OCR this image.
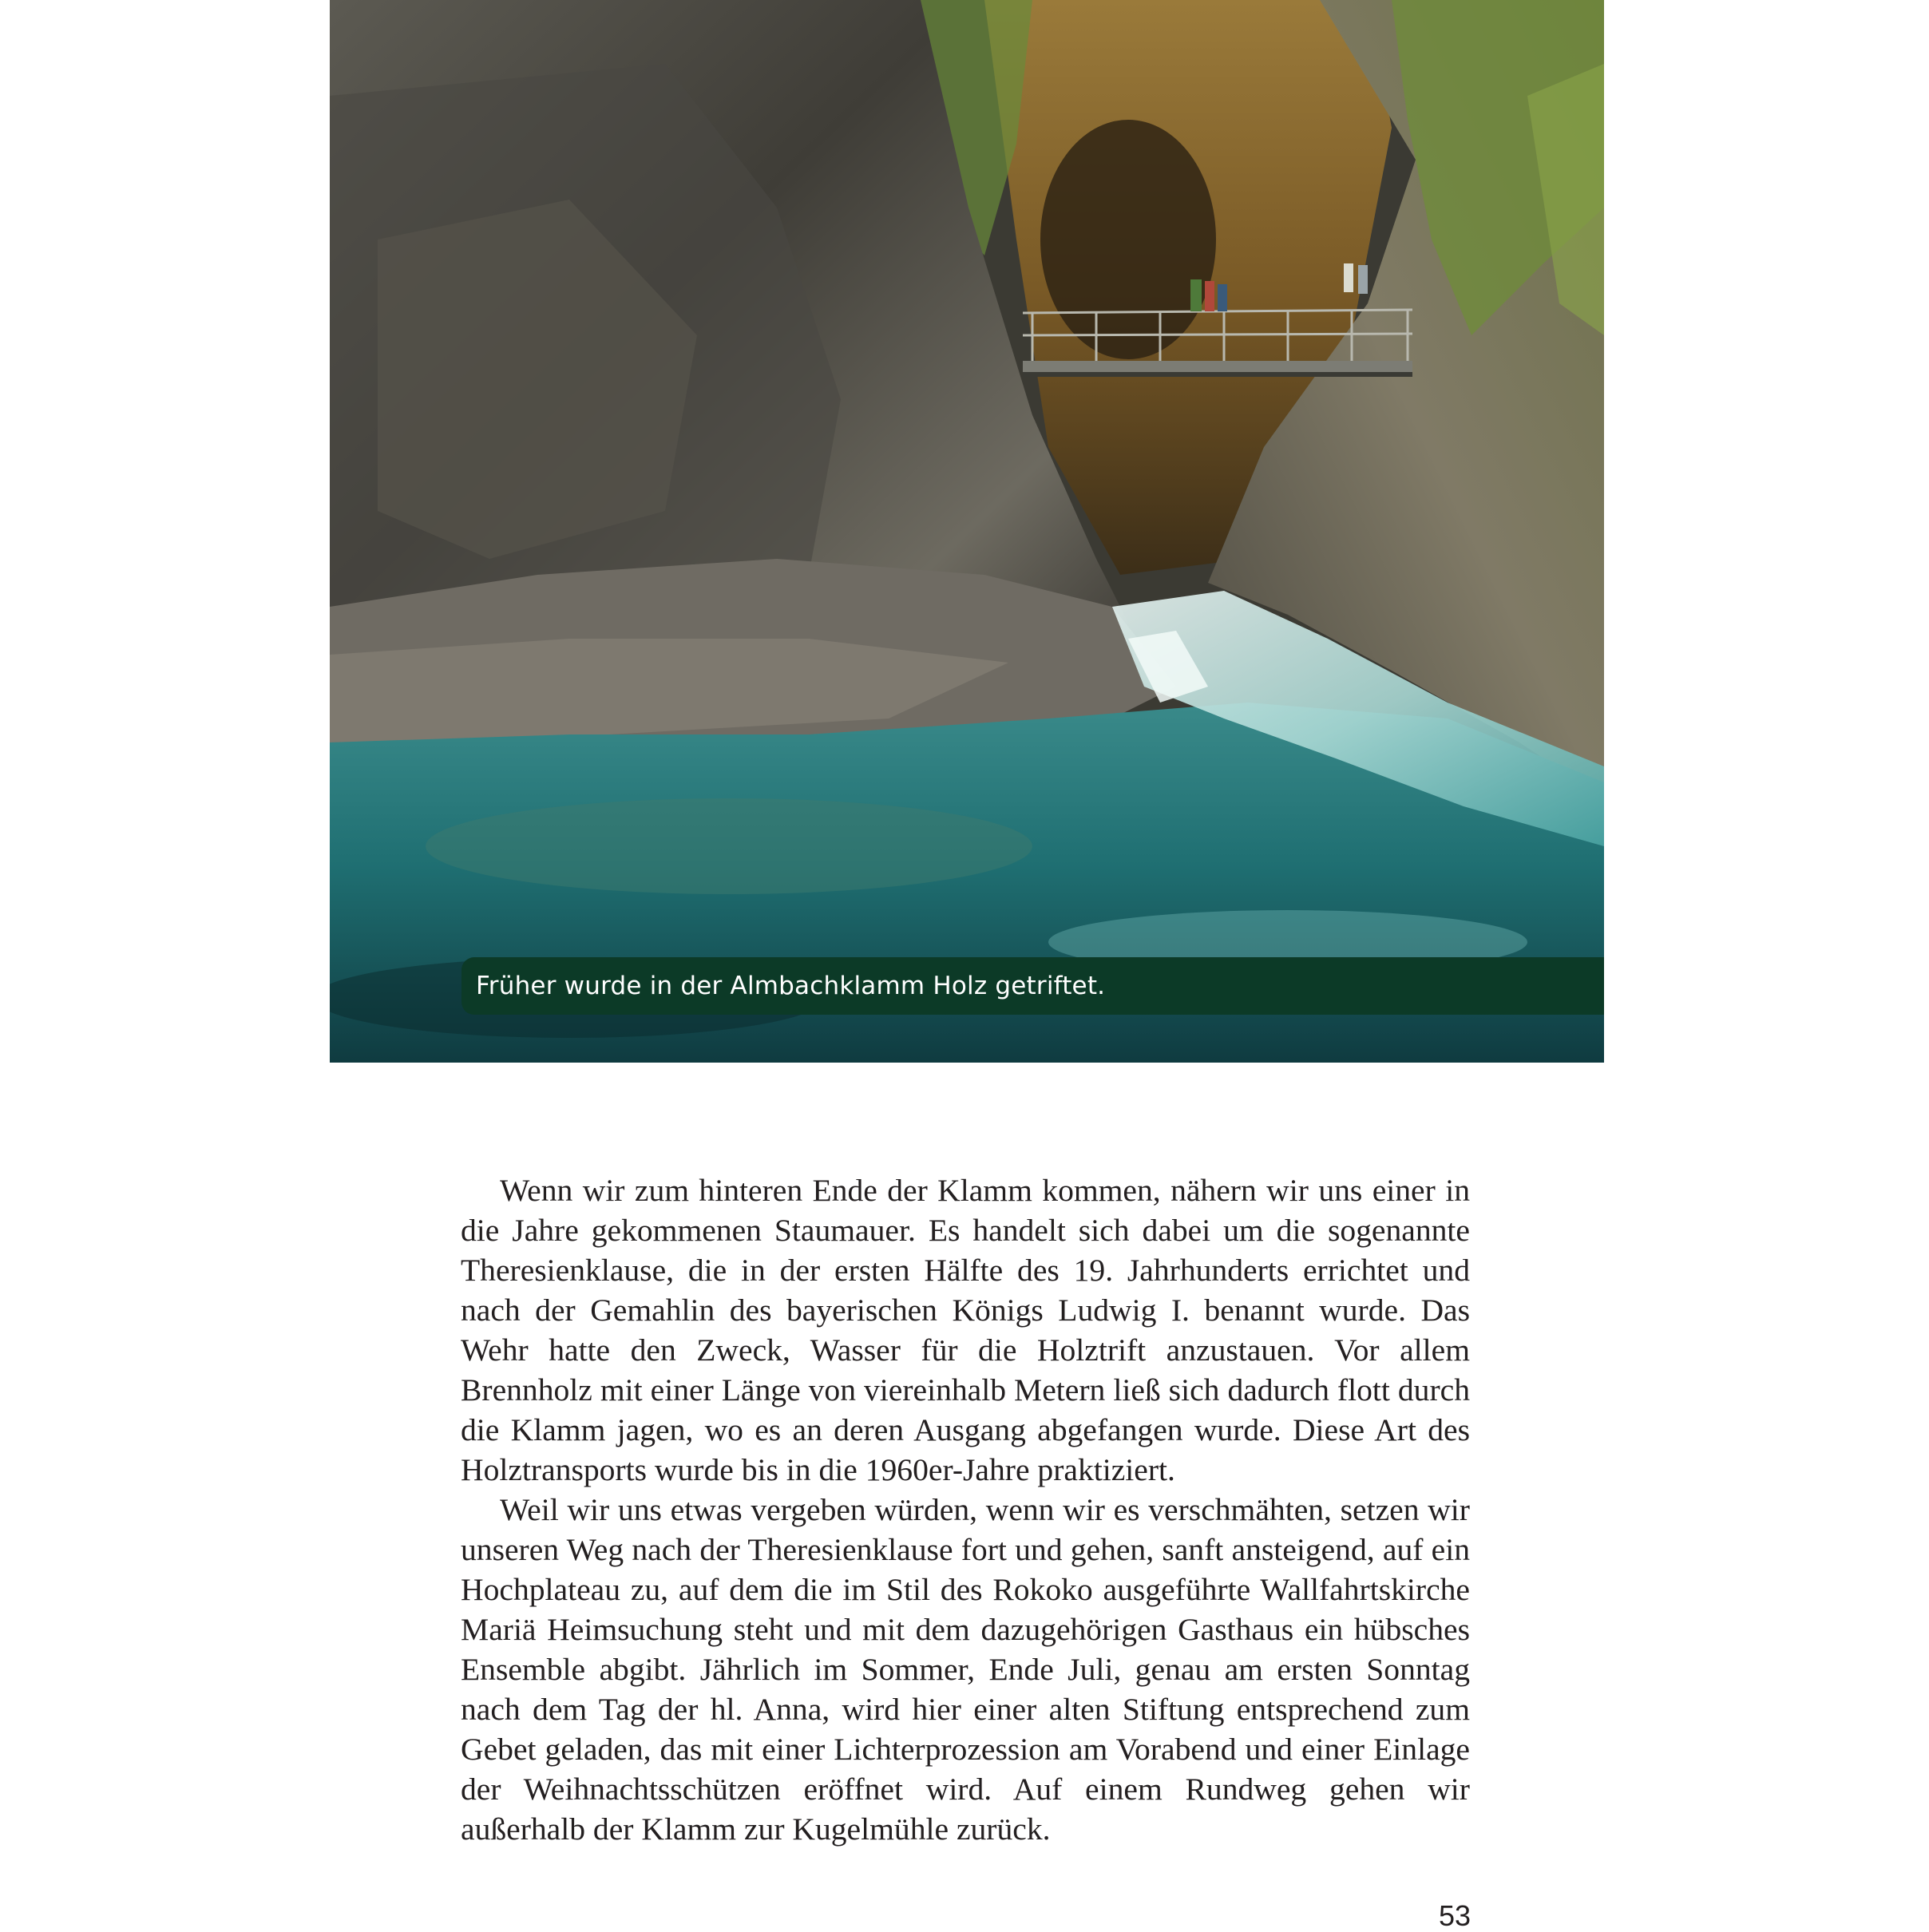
Früher wurde in der Almbachklamm Holz getriftet.

Wenn wir zum hinteren Ende der Klamm kommen, nähern wir uns einer in die Jahre gekommenen Staumauer. Es handelt sich dabei um die sogenannte Theresienklause, die in der ersten Hälfte des 19. Jahrhunderts errichtet und nach der Gemahlin des bayerischen Königs Ludwig I. benannt wurde. Das Wehr hatte den Zweck, Wasser für die Holztrift anzustauen. Vor allem Brennholz mit einer Länge von viereinhalb Metern ließ sich dadurch flott durch die Klamm jagen, wo es an deren Ausgang abgefangen wurde. Diese Art des Holztransports wurde bis in die 1960er-Jahre praktiziert.

Weil wir uns etwas vergeben würden, wenn wir es verschmähten, setzen wir unseren Weg nach der Theresienklause fort und gehen, sanft ansteigend, auf ein Hochplateau zu, auf dem die im Stil des Rokoko ausgeführte Wallfahrtskirche Mariä Heimsuchung steht und mit dem dazugehörigen Gasthaus ein hübsches Ensemble abgibt. Jährlich im Sommer, Ende Juli, genau am ersten Sonntag nach dem Tag der hl. Anna, wird hier einer alten Stiftung entsprechend zum Gebet geladen, das mit einer Lichterprozession am Vorabend und einer Einlage der Weihnachtsschützen eröffnet wird. Auf einem Rundweg gehen wir außerhalb der Klamm zur Kugelmühle zurück.

53
